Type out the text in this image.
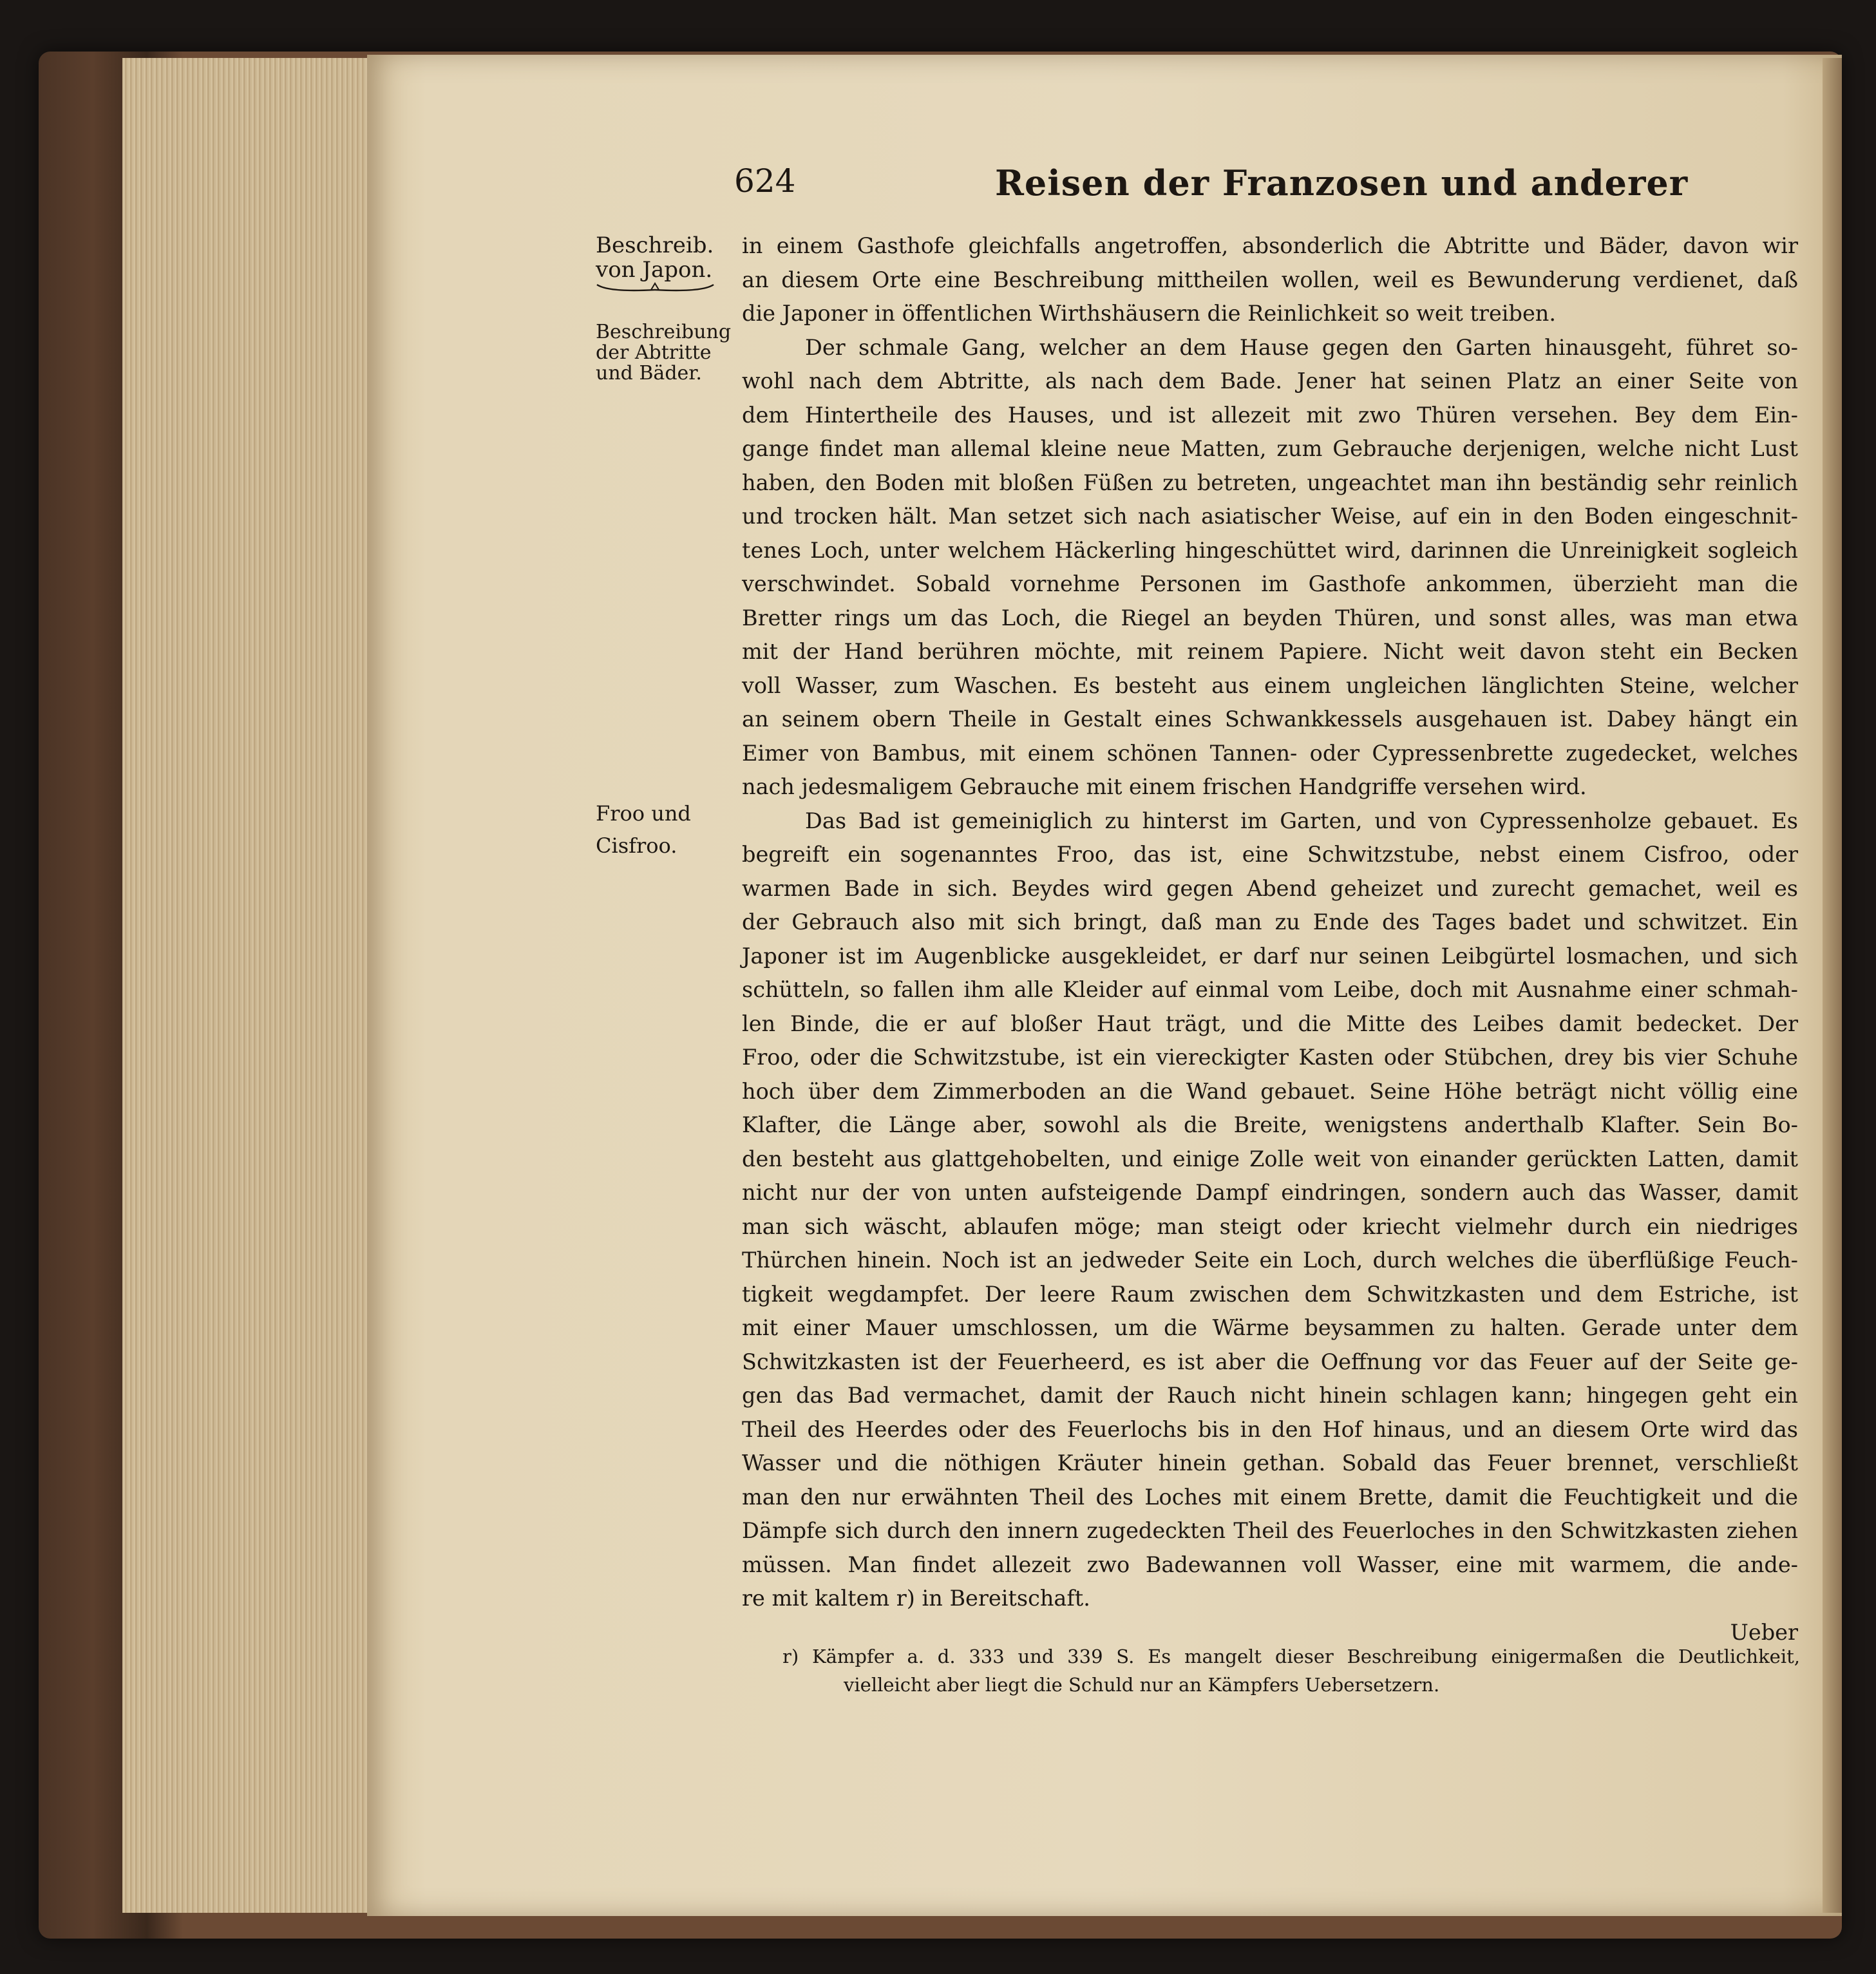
624	Reisen der Franzosen und anderer
Beschreib.
von Japon.
Beschreibung
der Abtritte
und Bäder.
Froo und
Cisfroo.
in einem Gasthofe gleichfalls angetroffen, absonderlich die Abtritte und Bäder, davon wir
an diesem Orte eine Beschreibung mittheilen wollen, weil es Bewunderung verdienet, daß
die Japoner in öffentlichen Wirthshäusern die Reinlichkeit so weit treiben.
Der schmale Gang, welcher an dem Hause gegen den Garten hinausgeht, führet so-
wohl nach dem Abtritte, als nach dem Bade. Jener hat seinen Platz an einer Seite von
dem Hintertheile des Hauses, und ist allezeit mit zwo Thüren versehen. Bey dem Ein-
gange findet man allemal kleine neue Matten, zum Gebrauche derjenigen, welche nicht Lust
haben, den Boden mit bloßen Füßen zu betreten, ungeachtet man ihn beständig sehr reinlich
und trocken hält. Man setzet sich nach asiatischer Weise, auf ein in den Boden eingeschnit-
tenes Loch, unter welchem Häckerling hingeschüttet wird, darinnen die Unreinigkeit sogleich
verschwindet. Sobald vornehme Personen im Gasthofe ankommen, überzieht man die
Bretter rings um das Loch, die Riegel an beyden Thüren, und sonst alles, was man etwa
mit der Hand berühren möchte, mit reinem Papiere. Nicht weit davon steht ein Becken
voll Wasser, zum Waschen. Es besteht aus einem ungleichen länglichten Steine, welcher
an seinem obern Theile in Gestalt eines Schwankkessels ausgehauen ist. Dabey hängt ein
Eimer von Bambus, mit einem schönen Tannen- oder Cypressenbrette zugedecket, welches
nach jedesmaligem Gebrauche mit einem frischen Handgriffe versehen wird.
Das Bad ist gemeiniglich zu hinterst im Garten, und von Cypressenholze gebauet. Es
begreift ein sogenanntes Froo, das ist, eine Schwitzstube, nebst einem Cisfroo, oder
warmen Bade in sich. Beydes wird gegen Abend geheizet und zurecht gemachet, weil es
der Gebrauch also mit sich bringt, daß man zu Ende des Tages badet und schwitzet. Ein
Japoner ist im Augenblicke ausgekleidet, er darf nur seinen Leibgürtel losmachen, und sich
schütteln, so fallen ihm alle Kleider auf einmal vom Leibe, doch mit Ausnahme einer schmah-
len Binde, die er auf bloßer Haut trägt, und die Mitte des Leibes damit bedecket. Der
Froo, oder die Schwitzstube, ist ein viereckigter Kasten oder Stübchen, drey bis vier Schuhe
hoch über dem Zimmerboden an die Wand gebauet. Seine Höhe beträgt nicht völlig eine
Klafter, die Länge aber, sowohl als die Breite, wenigstens anderthalb Klafter. Sein Bo-
den besteht aus glattgehobelten, und einige Zolle weit von einander gerückten Latten, damit
nicht nur der von unten aufsteigende Dampf eindringen, sondern auch das Wasser, damit
man sich wäscht, ablaufen möge; man steigt oder kriecht vielmehr durch ein niedriges
Thürchen hinein. Noch ist an jedweder Seite ein Loch, durch welches die überflüßige Feuch-
tigkeit wegdampfet. Der leere Raum zwischen dem Schwitzkasten und dem Estriche, ist
mit einer Mauer umschlossen, um die Wärme beysammen zu halten. Gerade unter dem
Schwitzkasten ist der Feuerheerd, es ist aber die Oeffnung vor das Feuer auf der Seite ge-
gen das Bad vermachet, damit der Rauch nicht hinein schlagen kann; hingegen geht ein
Theil des Heerdes oder des Feuerlochs bis in den Hof hinaus, und an diesem Orte wird das
Wasser und die nöthigen Kräuter hinein gethan. Sobald das Feuer brennet, verschließt
man den nur erwähnten Theil des Loches mit einem Brette, damit die Feuchtigkeit und die
Dämpfe sich durch den innern zugedeckten Theil des Feuerloches in den Schwitzkasten ziehen
müssen. Man findet allezeit zwo Badewannen voll Wasser, eine mit warmem, die ande-
re mit kaltem r) in Bereitschaft.
Ueber
r) Kämpfer a. d. 333 und 339 S. Es mangelt dieser Beschreibung einigermaßen die Deutlichkeit,
vielleicht aber liegt die Schuld nur an Kämpfers Uebersetzern.
